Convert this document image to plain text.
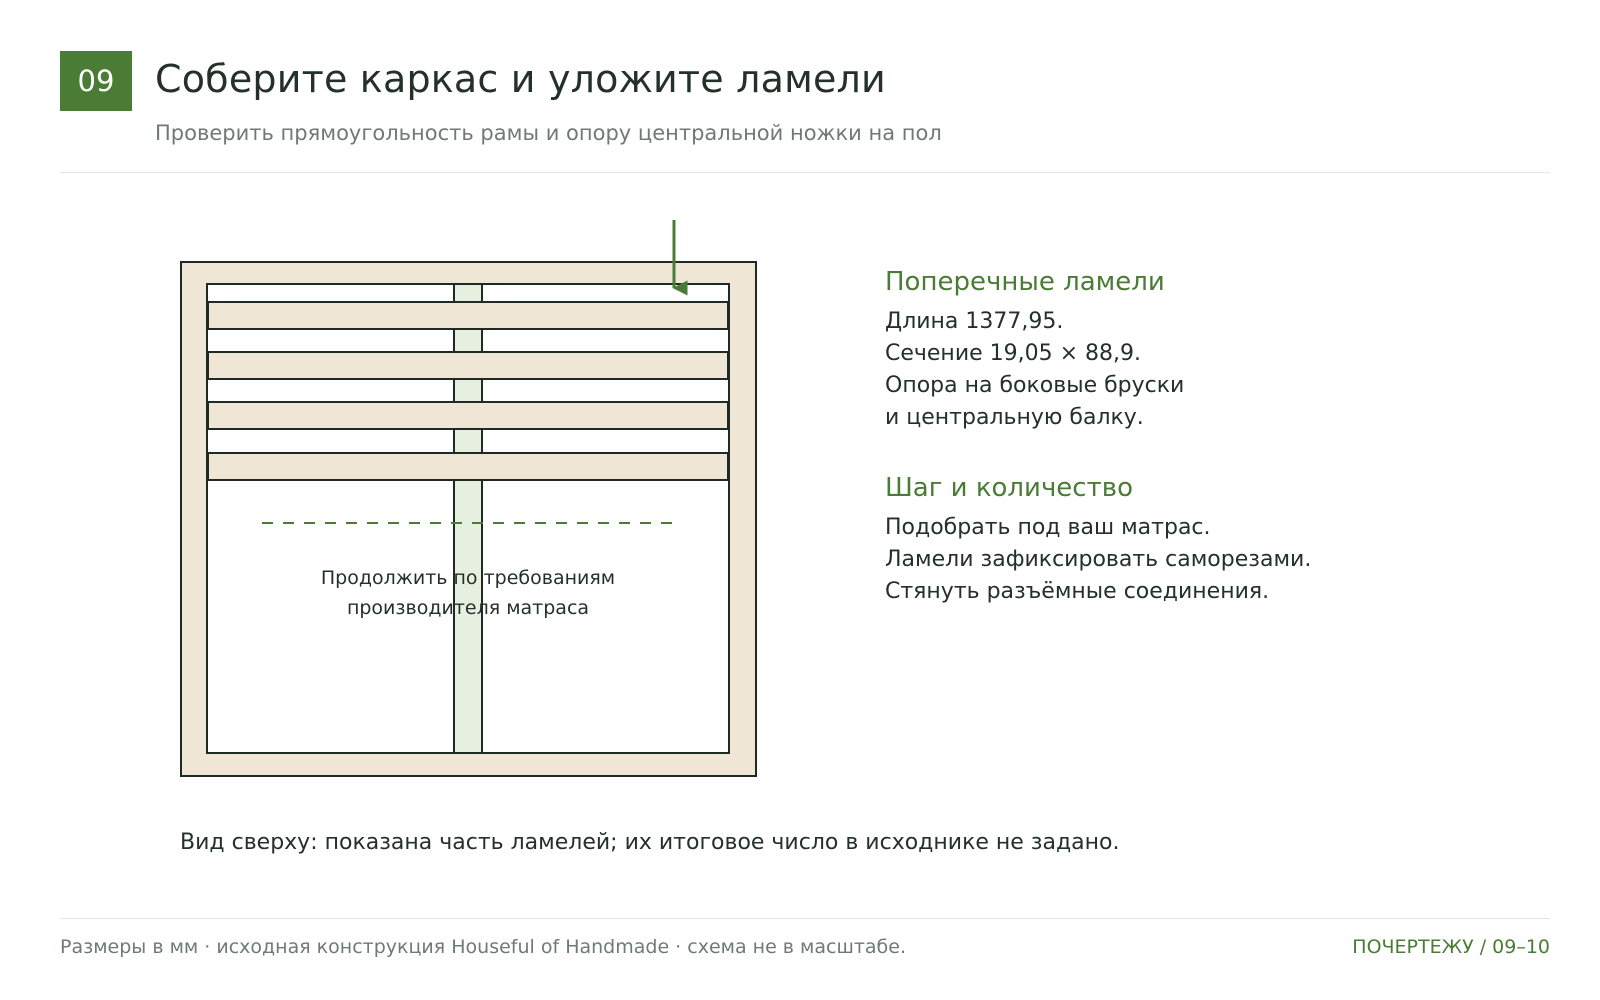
09	Соберите каркас и уложите ламели
Проверить прямоугольность рамы и опору центральной ножки на пол
Продолжить по требованиям
производителя матраса
Поперечные ламели
Длина 1377,95.
Сечение 19,05 × 88,9.
Опора на боковые бруски
и центральную балку.
Шаг и количество
Подобрать под ваш матрас.
Ламели зафиксировать саморезами.
Стянуть разъёмные соединения.
Вид сверху: показана часть ламелей; их итоговое число в исходнике не задано.
Размеры в мм · исходная конструкция Houseful of Handmade · схема не в масштабе.	ПОЧЕРТЕЖУ / 09–10
